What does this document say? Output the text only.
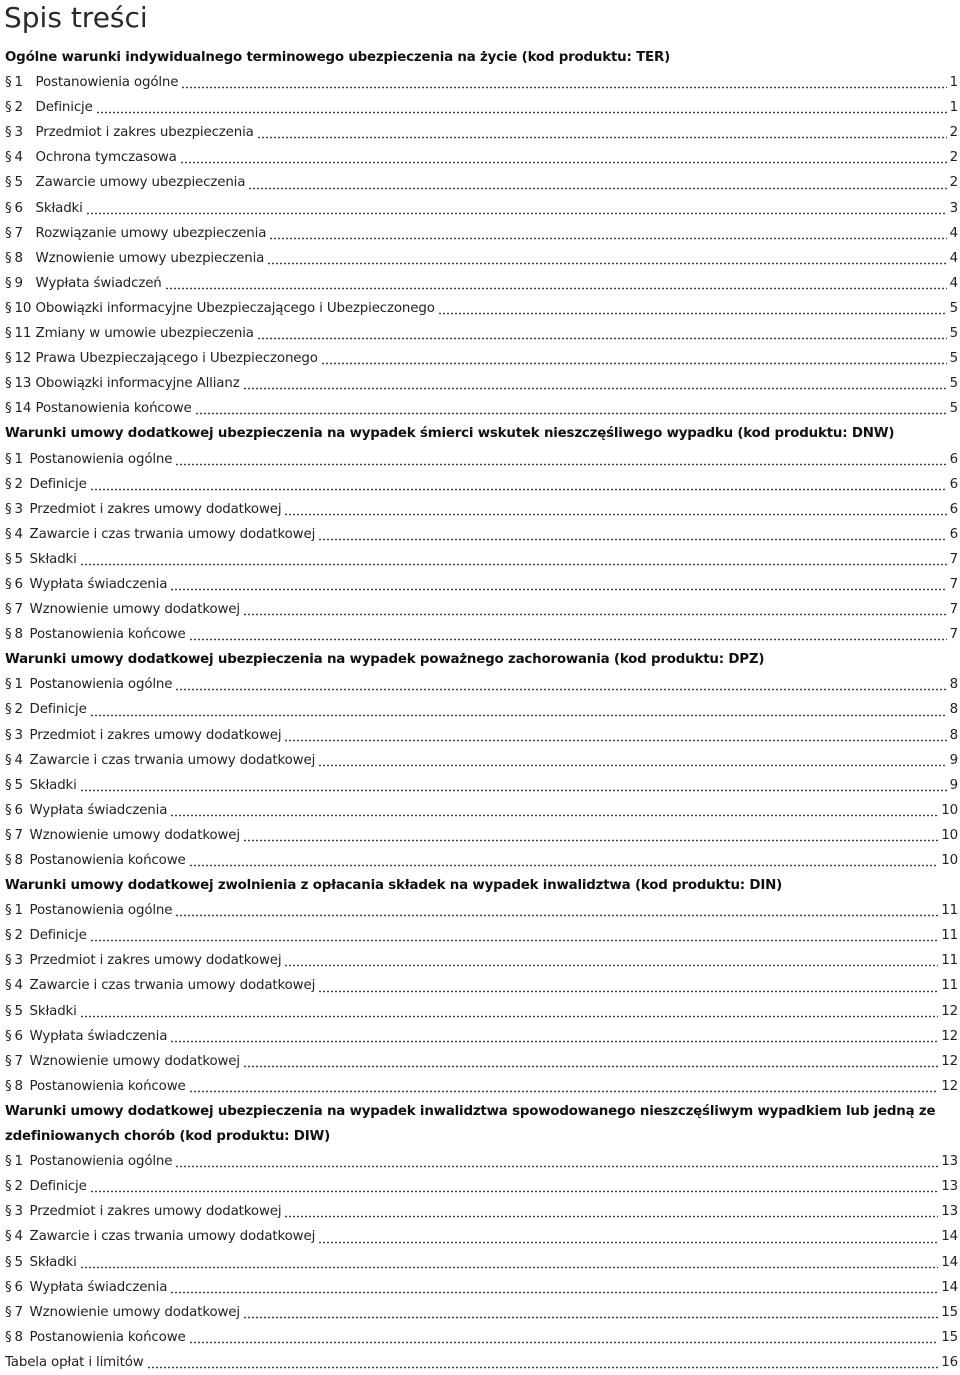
Spis treści
Ogólne warunki indywidualnego terminowego ubezpieczenia na życie (kod produktu: TER)
§ 1 Postanowienia ogólne	1
§ 2 Definicje	1
§ 3 Przedmiot i zakres ubezpieczenia	2
§ 4 Ochrona tymczasowa	2
§ 5 Zawarcie umowy ubezpieczenia	2
§ 6 Składki	3
§ 7 Rozwiązanie umowy ubezpieczenia	4
§ 8 Wznowienie umowy ubezpieczenia	4
§ 9 Wypłata świadczeń	4
§ 10 Obowiązki informacyjne Ubezpieczającego i Ubezpieczonego	5
§ 11 Zmiany w umowie ubezpieczenia	5
§ 12 Prawa Ubezpieczającego i Ubezpieczonego	5
§ 13 Obowiązki informacyjne Allianz	5
§ 14 Postanowienia końcowe	5
Warunki umowy dodatkowej ubezpieczenia na wypadek śmierci wskutek nieszczęśliwego wypadku (kod produktu: DNW)
§ 1 Postanowienia ogólne	6
§ 2 Definicje	6
§ 3 Przedmiot i zakres umowy dodatkowej	6
§ 4 Zawarcie i czas trwania umowy dodatkowej	6
§ 5 Składki	7
§ 6 Wypłata świadczenia	7
§ 7 Wznowienie umowy dodatkowej	7
§ 8 Postanowienia końcowe	7
Warunki umowy dodatkowej ubezpieczenia na wypadek poważnego zachorowania (kod produktu: DPZ)
§ 1 Postanowienia ogólne	8
§ 2 Definicje	8
§ 3 Przedmiot i zakres umowy dodatkowej	8
§ 4 Zawarcie i czas trwania umowy dodatkowej	9
§ 5 Składki	9
§ 6 Wypłata świadczenia	10
§ 7 Wznowienie umowy dodatkowej	10
§ 8 Postanowienia końcowe	10
Warunki umowy dodatkowej zwolnienia z opłacania składek na wypadek inwalidztwa (kod produktu: DIN)
§ 1 Postanowienia ogólne	11
§ 2 Definicje	11
§ 3 Przedmiot i zakres umowy dodatkowej	11
§ 4 Zawarcie i czas trwania umowy dodatkowej	11
§ 5 Składki	12
§ 6 Wypłata świadczenia	12
§ 7 Wznowienie umowy dodatkowej	12
§ 8 Postanowienia końcowe	12
Warunki umowy dodatkowej ubezpieczenia na wypadek inwalidztwa spowodowanego nieszczęśliwym wypadkiem lub jedną ze zdefiniowanych chorób (kod produktu: DIW)
§ 1 Postanowienia ogólne	13
§ 2 Definicje	13
§ 3 Przedmiot i zakres umowy dodatkowej	13
§ 4 Zawarcie i czas trwania umowy dodatkowej	14
§ 5 Składki	14
§ 6 Wypłata świadczenia	14
§ 7 Wznowienie umowy dodatkowej	15
§ 8 Postanowienia końcowe	15
Tabela opłat i limitów	16
